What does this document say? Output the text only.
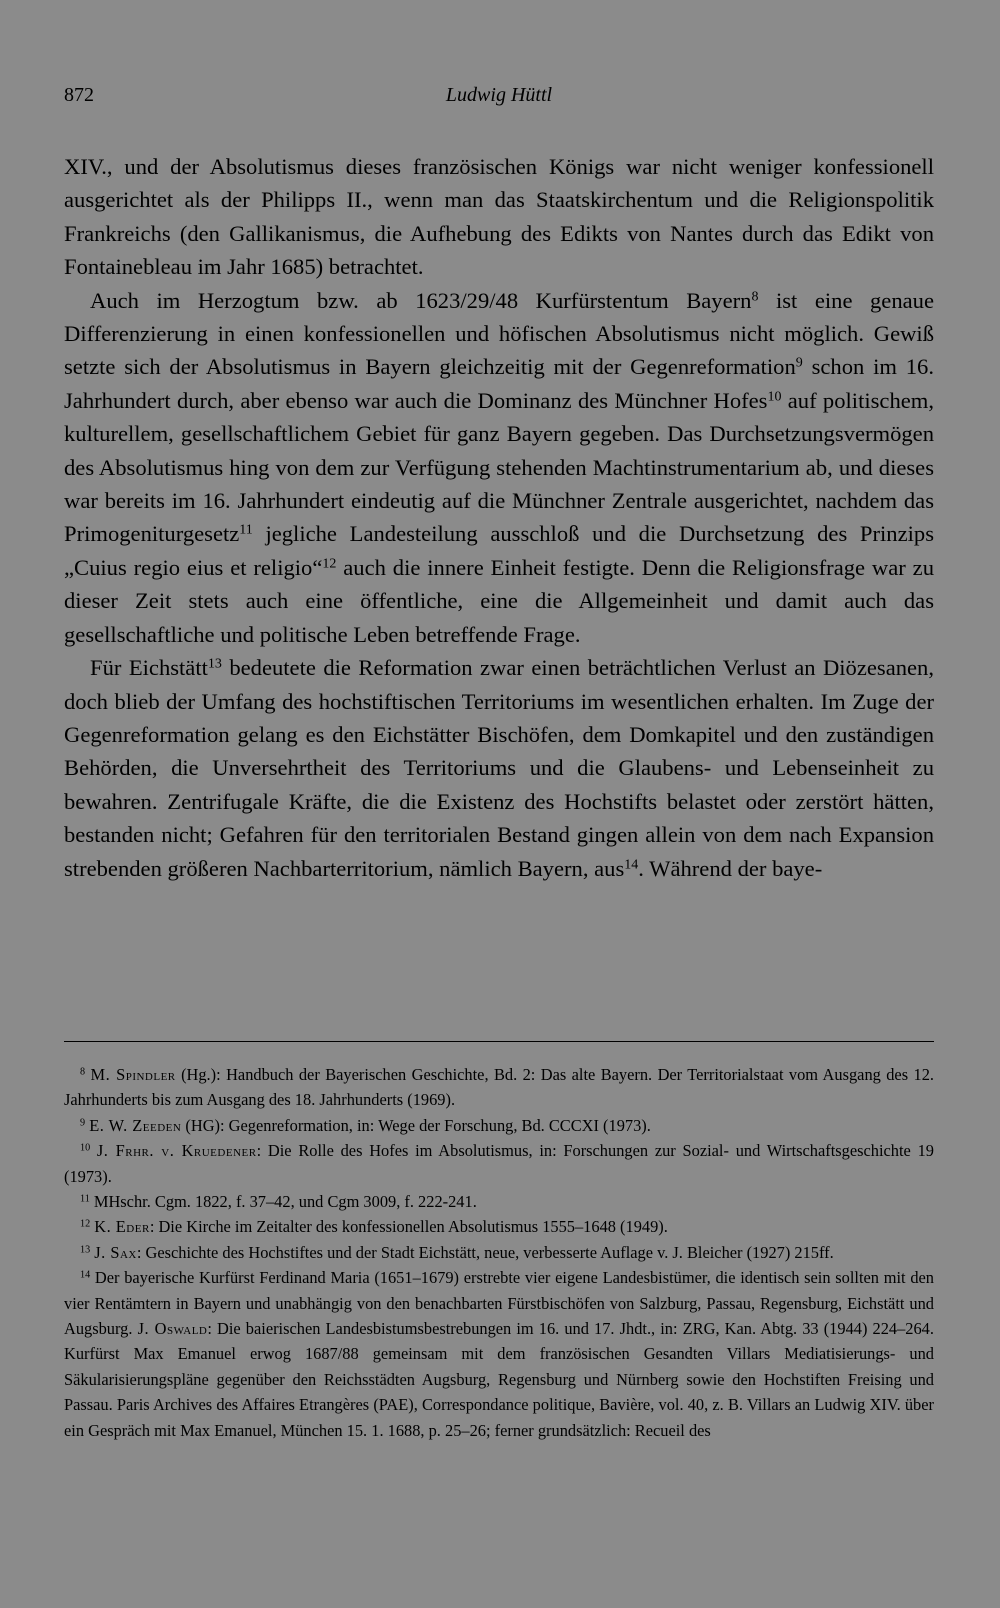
872	Ludwig Hüttl

XIV., und der Absolutismus dieses französischen Königs war nicht weniger konfessionell ausgerichtet als der Philipps II., wenn man das Staatskirchentum und die Religionspolitik Frankreichs (den Gallikanismus, die Aufhebung des Edikts von Nantes durch das Edikt von Fontainebleau im Jahr 1685) betrachtet.

Auch im Herzogtum bzw. ab 1623/29/48 Kurfürstentum Bayern$^8$ ist eine genaue Differenzierung in einen konfessionellen und höfischen Absolutismus nicht möglich. Gewiß setzte sich der Absolutismus in Bayern gleichzeitig mit der Gegenreformation$^9$ schon im 16. Jahrhundert durch, aber ebenso war auch die Dominanz des Münchner Hofes$^{10}$ auf politischem, kulturellem, gesellschaftlichem Gebiet für ganz Bayern gegeben. Das Durchsetzungsvermögen des Absolutismus hing von dem zur Verfügung stehenden Machtinstrumentarium ab, und dieses war bereits im 16. Jahrhundert eindeutig auf die Münchner Zentrale ausgerichtet, nachdem das Primogeniturgesetz$^{11}$ jegliche Landesteilung ausschloß und die Durchsetzung des Prinzips „Cuius regio eius et religio“$^{12}$ auch die innere Einheit festigte. Denn die Religionsfrage war zu dieser Zeit stets auch eine öffentliche, eine die Allgemeinheit und damit auch das gesellschaftliche und politische Leben betreffende Frage.

Für Eichstätt$^{13}$ bedeutete die Reformation zwar einen beträchtlichen Verlust an Diözesanen, doch blieb der Umfang des hochstiftischen Territoriums im wesentlichen erhalten. Im Zuge der Gegenreformation gelang es den Eichstätter Bischöfen, dem Domkapitel und den zuständigen Behörden, die Unversehrtheit des Territoriums und die Glaubens- und Lebenseinheit zu bewahren. Zentrifugale Kräfte, die die Existenz des Hochstifts belastet oder zerstört hätten, bestanden nicht; Gefahren für den territorialen Bestand gingen allein von dem nach Expansion strebenden größeren Nachbarterritorium, nämlich Bayern, aus$^{14}$. Während der baye-

$^8$ M. Spindler (Hg.): Handbuch der Bayerischen Geschichte, Bd. 2: Das alte Bayern. Der Territorialstaat vom Ausgang des 12. Jahrhunderts bis zum Ausgang des 18. Jahrhunderts (1969).

$^9$ E. W. Zeeden (HG): Gegenreformation, in: Wege der Forschung, Bd. CCCXI (1973).

$^{10}$ J. Frhr. v. Kruedener: Die Rolle des Hofes im Absolutismus, in: Forschungen zur Sozial- und Wirtschaftsgeschichte 19 (1973).

$^{11}$ MHschr. Cgm. 1822, f. 37–42, und Cgm 3009, f. 222-241.

$^{12}$ K. Eder: Die Kirche im Zeitalter des konfessionellen Absolutismus 1555–1648 (1949).

$^{13}$ J. Sax: Geschichte des Hochstiftes und der Stadt Eichstätt, neue, verbesserte Auflage v. J. Bleicher (1927) 215ff.

$^{14}$ Der bayerische Kurfürst Ferdinand Maria (1651–1679) erstrebte vier eigene Landesbistümer, die identisch sein sollten mit den vier Rentämtern in Bayern und unabhängig von den benachbarten Fürstbischöfen von Salzburg, Passau, Regensburg, Eichstätt und Augsburg. J. Oswald: Die baierischen Landesbistumsbestrebungen im 16. und 17. Jhdt., in: ZRG, Kan. Abtg. 33 (1944) 224–264. Kurfürst Max Emanuel erwog 1687/88 gemeinsam mit dem französischen Gesandten Villars Mediatisierungs- und Säkularisierungspläne gegenüber den Reichsstädten Augsburg, Regensburg und Nürnberg sowie den Hochstiften Freising und Passau. Paris Archives des Affaires Etrangères (PAE), Correspondance politique, Bavière, vol. 40, z. B. Villars an Ludwig XIV. über ein Gespräch mit Max Emanuel, München 15. 1. 1688, p. 25–26; ferner grundsätzlich: Recueil des
